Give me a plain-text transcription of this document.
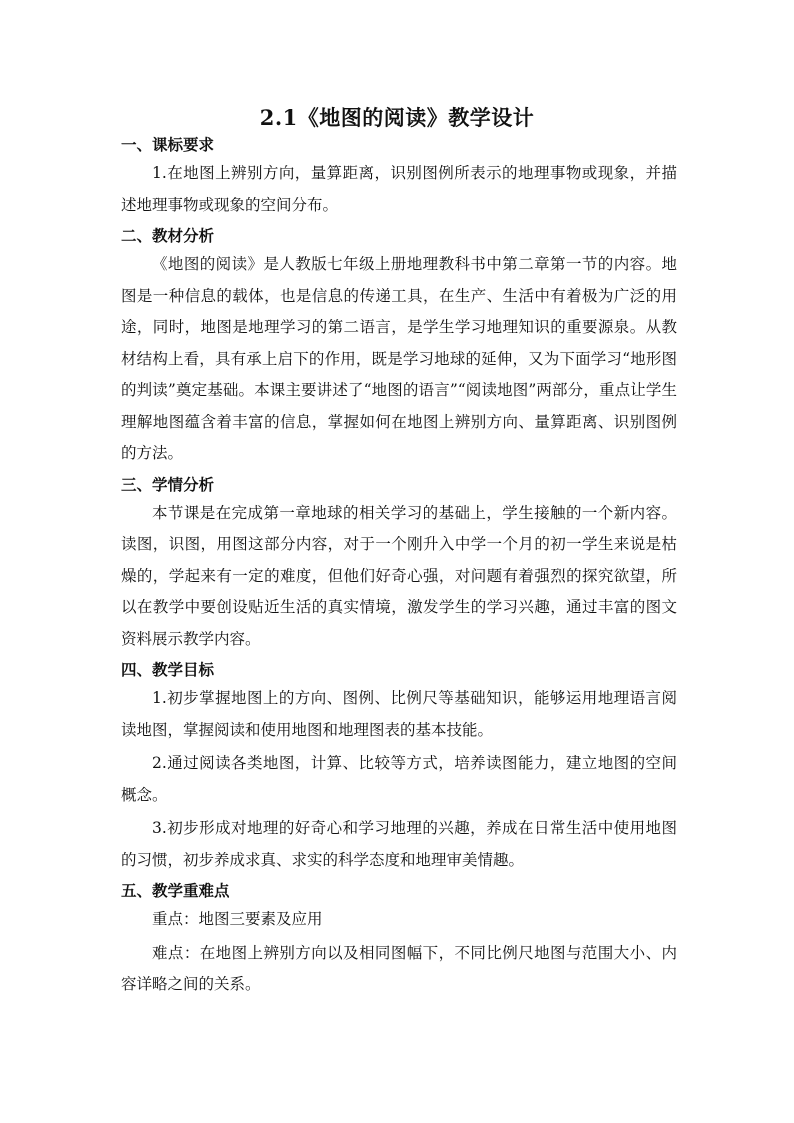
2.1《地图的阅读》教学设计
一、课标要求

1.在地图上辨别方向，量算距离，识别图例所表示的地理事物或现象，并描述地理事物或现象的空间分布。

二、教材分析

《地图的阅读》是人教版七年级上册地理教科书中第二章第一节的内容。地图是一种信息的载体，也是信息的传递工具，在生产、生活中有着极为广泛的用途，同时，地图是地理学习的第二语言，是学生学习地理知识的重要源泉。从教材结构上看，具有承上启下的作用，既是学习地球的延伸，又为下面学习“地形图的判读”奠定基础。本课主要讲述了“地图的语言”“阅读地图”两部分，重点让学生理解地图蕴含着丰富的信息，掌握如何在地图上辨别方向、量算距离、识别图例的方法。

三、学情分析

本节课是在完成第一章地球的相关学习的基础上，学生接触的一个新内容。读图，识图，用图这部分内容，对于一个刚升入中学一个月的初一学生来说是枯燥的，学起来有一定的难度，但他们好奇心强，对问题有着强烈的探究欲望，所以在教学中要创设贴近生活的真实情境，激发学生的学习兴趣，通过丰富的图文资料展示教学内容。

四、教学目标

1.初步掌握地图上的方向、图例、比例尺等基础知识，能够运用地理语言阅读地图，掌握阅读和使用地图和地理图表的基本技能。

2.通过阅读各类地图，计算、比较等方式，培养读图能力，建立地图的空间概念。

3.初步形成对地理的好奇心和学习地理的兴趣，养成在日常生活中使用地图的习惯，初步养成求真、求实的科学态度和地理审美情趣。

五、教学重难点

重点：地图三要素及应用

难点：在地图上辨别方向以及相同图幅下，不同比例尺地图与范围大小、内容详略之间的关系。
